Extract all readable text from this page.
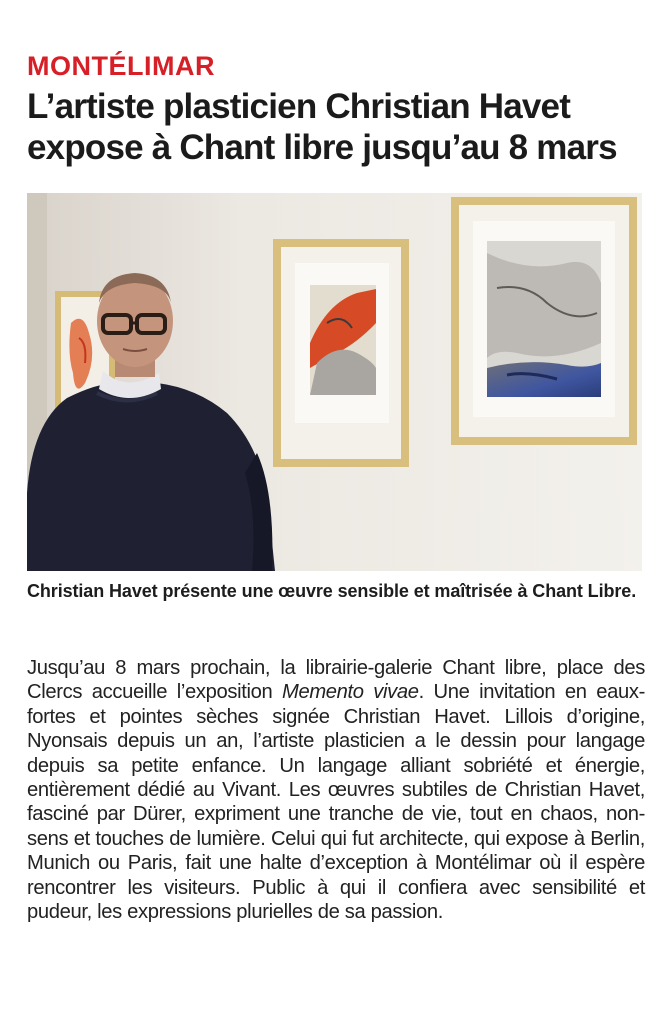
MONTÉLIMAR
L’artiste plasticien Christian Havet expose à Chant libre jusqu’au 8 mars
Christian Havet présente une œuvre sensible et maîtrisée à Chant Libre.
Jusqu’au 8 mars prochain, la librairie-galerie Chant libre, place des Clercs accueille l’exposition Memento vivae. Une invitation en eaux-fortes et pointes sèches signée Christian Havet. Lillois d’origine, Nyonsais depuis un an, l’artiste plasticien a le dessin pour langage depuis sa petite enfance. Un langage alliant sobriété et énergie, entièrement dédié au Vivant. Les œuvres subtiles de Christian Havet, fasciné par Dürer, expriment une tranche de vie, tout en chaos, non-sens et touches de lumière. Celui qui fut architecte, qui expose à Berlin, Munich ou Paris, fait une halte d’exception à Montélimar où il espère rencontrer les visiteurs. Public à qui il confiera avec sensibilité et pudeur, les expressions plurielles de sa passion.
